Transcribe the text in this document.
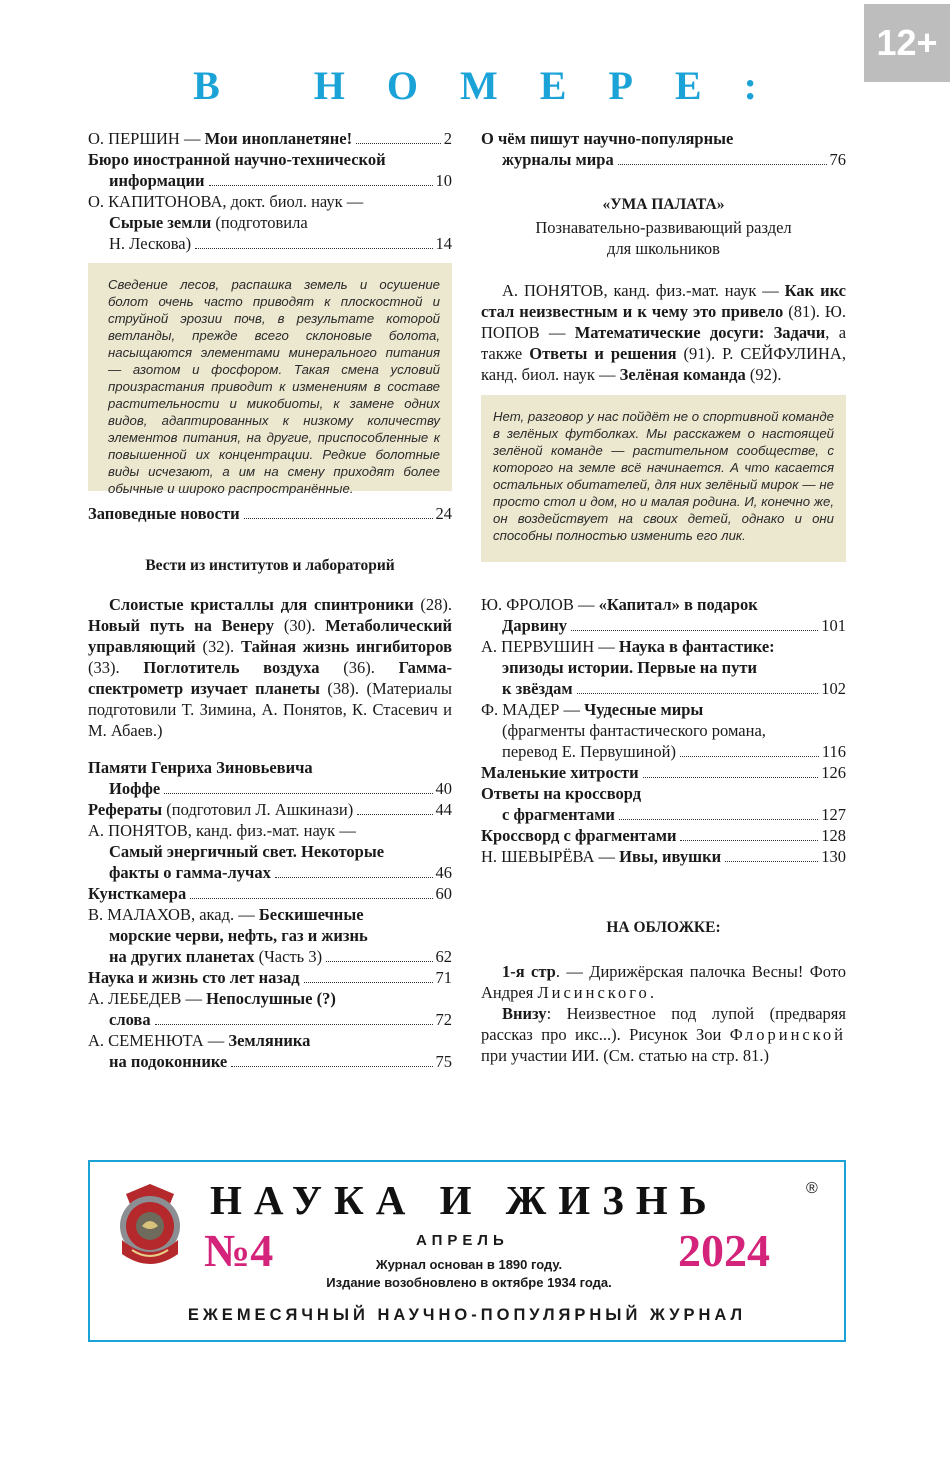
12+
В НОМЕРЕ:
О. ПЕРШИН — Мои инопланетяне!	2
Бюро иностранной научно-технической
информации	10
О. КАПИТОНОВА, докт. биол. наук —
Сырые земли (подготовила
Н. Лескова)	14
Сведение лесов, распашка земель и осушение болот очень часто приводят к плоскостной и струйной эрозии почв, в результате которой ветланды, прежде всего склоновые болота, насыщаются элементами минерального питания — азотом и фосфором. Такая смена условий произрастания приводит к изменениям в составе растительности и микобиоты, к замене одних видов, адаптированных к низкому количеству элементов питания, на другие, приспособленные к повышенной их концентрации. Редкие болотные виды исчезают, а им на смену приходят более обычные и широко распространённые.
Заповедные новости	24
Вести из институтов и лабораторий
Слоистые кристаллы для спинтроники (28). Новый путь на Венеру (30). Метаболический управляющий (32). Тайная жизнь ингибиторов (33). Поглотитель воздуха (36). Гамма-спектрометр изучает планеты (38). (Материалы подготовили Т. Зимина, А. Понятов, К. Стасевич и М. Абаев.)
Памяти Генриха Зиновьевича
Иоффе	40
Рефераты (подготовил Л. Ашкинази)	44
А. ПОНЯТОВ, канд. физ.-мат. наук —
Самый энергичный свет. Некоторые
факты о гамма-лучах	46
Кунсткамера	60
В. МАЛАХОВ, акад. — Бескишечные
морские черви, нефть, газ и жизнь
на других планетах (Часть 3)	62
Наука и жизнь сто лет назад	71
А. ЛЕБЕДЕВ — Непослушные (?)
слова	72
А. СЕМЕНЮТА — Земляника
на подоконнике	75
О чём пишут научно-популярные
журналы мира	76
«УМА ПАЛАТА»
Познавательно-развивающий раздел
для школьников
А. ПОНЯТОВ, канд. физ.-мат. наук — Как икс стал неизвестным и к чему это привело (81). Ю. ПОПОВ — Математические досуги: Задачи, а также Ответы и решения (91). Р. СЕЙФУЛИНА, канд. биол. наук — Зелёная команда (92).
Нет, разговор у нас пойдёт не о спортивной команде в зелёных футболках. Мы расскажем о настоящей зелёной команде — растительном сообществе, с которого на земле всё начинается. А что касается остальных обитателей, для них зелёный мирок — не просто стол и дом, но и малая родина. И, конечно же, он воздействует на своих детей, однако и они способны полностью изменить его лик.
Ю. ФРОЛОВ — «Капитал» в подарок
Дарвину	101
А. ПЕРВУШИН — Наука в фантастике:
эпизоды истории. Первые на пути
к звёздам	102
Ф. МАДЕР — Чудесные миры
(фрагменты фантастического романа,
перевод Е. Первушиной)	116
Маленькие хитрости	126
Ответы на кроссворд
с фрагментами	127
Кроссворд с фрагментами	128
Н. ШЕВЫРЁВА — Ивы, ивушки	130
НА ОБЛОЖКЕ:
1-я стр. — Дирижёрская палочка Весны! Фото Андрея Лисинского.
Внизу: Неизвестное под лупой (предваряя рассказ про икс...). Рисунок Зои Флоринской при участии ИИ. (См. статью на стр. 81.)
НАУКА И ЖИЗНЬ	®
№4	АПРЕЛЬ	2024
Журнал основан в 1890 году.
Издание возобновлено в октябре 1934 года.
ЕЖЕМЕСЯЧНЫЙ НАУЧНО-ПОПУЛЯРНЫЙ ЖУРНАЛ
